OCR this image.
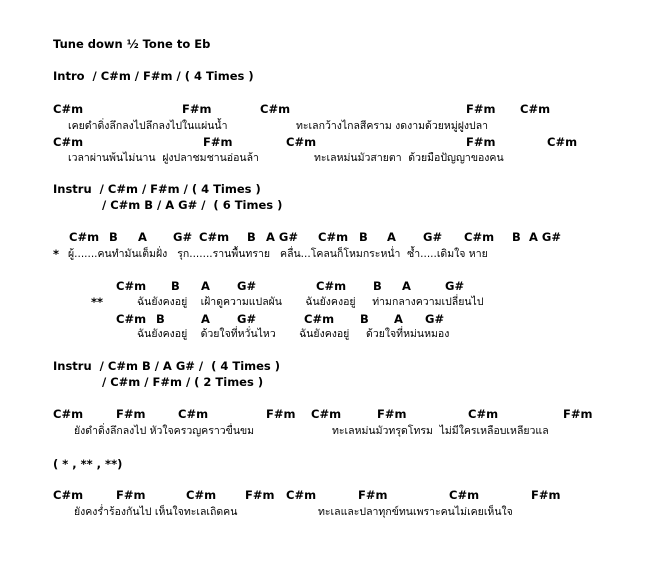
Tune down ½ Tone to Eb
Intro  / C#m / F#m / ( 4 Times )
C#m	F#m	C#m	F#m C#m
เคยดำดิ่งลึกลงไปลึกลงไปในแผ่นน้ำ	ทะเลกว้างไกลสีคราม งดงามด้วยหมู่ฝูงปลา
C#m	F#m	C#m	F#m	C#m
เวลาผ่านพ้นไม่นาน  ฝูงปลาชมชานอ่อนล้า	ทะเลหม่นมัวสายตา  ด้วยมือปัญญาของคน
Instru  / C#m / F#m / ( 4 Times )
/ C#m B / A G# /  ( 6 Times )
C#m B A G# C#m B A G# C#m B A G# C#m B A G#
* ผู้.......คนทำมันเต็มฝั่ง   รุก.......รานพื้นทราย   คลื่น...โคลนก็โหมกระหน่ำ  ซ้ำ.....เดิมใจ หาย
C#m B A G#	C#m B A	G#
**	ฉันยังคงอยู่    เฝ้าดูความแปลผัน       ฉันยังคงอยู่     ท่ามกลางความเปลี่ยนไป
C#m B	A G#	C#m B A G#
ฉันยังคงอยู่    ด้วยใจที่หวั่นไหว       ฉันยังคงอยู่     ด้วยใจที่หม่นหมอง
Instru  / C#m B / A G# /  ( 4 Times )
/ C#m / F#m / ( 2 Times )
C#m	F#m	C#m	F#m C#m	F#m	C#m	F#m
ยังดำดิ่งลึกลงไป หัวใจครวญคราวขื่นขม	ทะเลหม่นมัวทรุดโทรม  ไม่มีใครเหลือบเหลียวแล
( * , ** , **)
C#m	F#m	C#m	F#m C#m	F#m	C#m	F#m
ยังคงร่ำร้องกันไป เห็นใจทะเลเถิดคน	ทะเลและปลาทุกข์ทนเพราะคนไม่เคยเห็นใจ
